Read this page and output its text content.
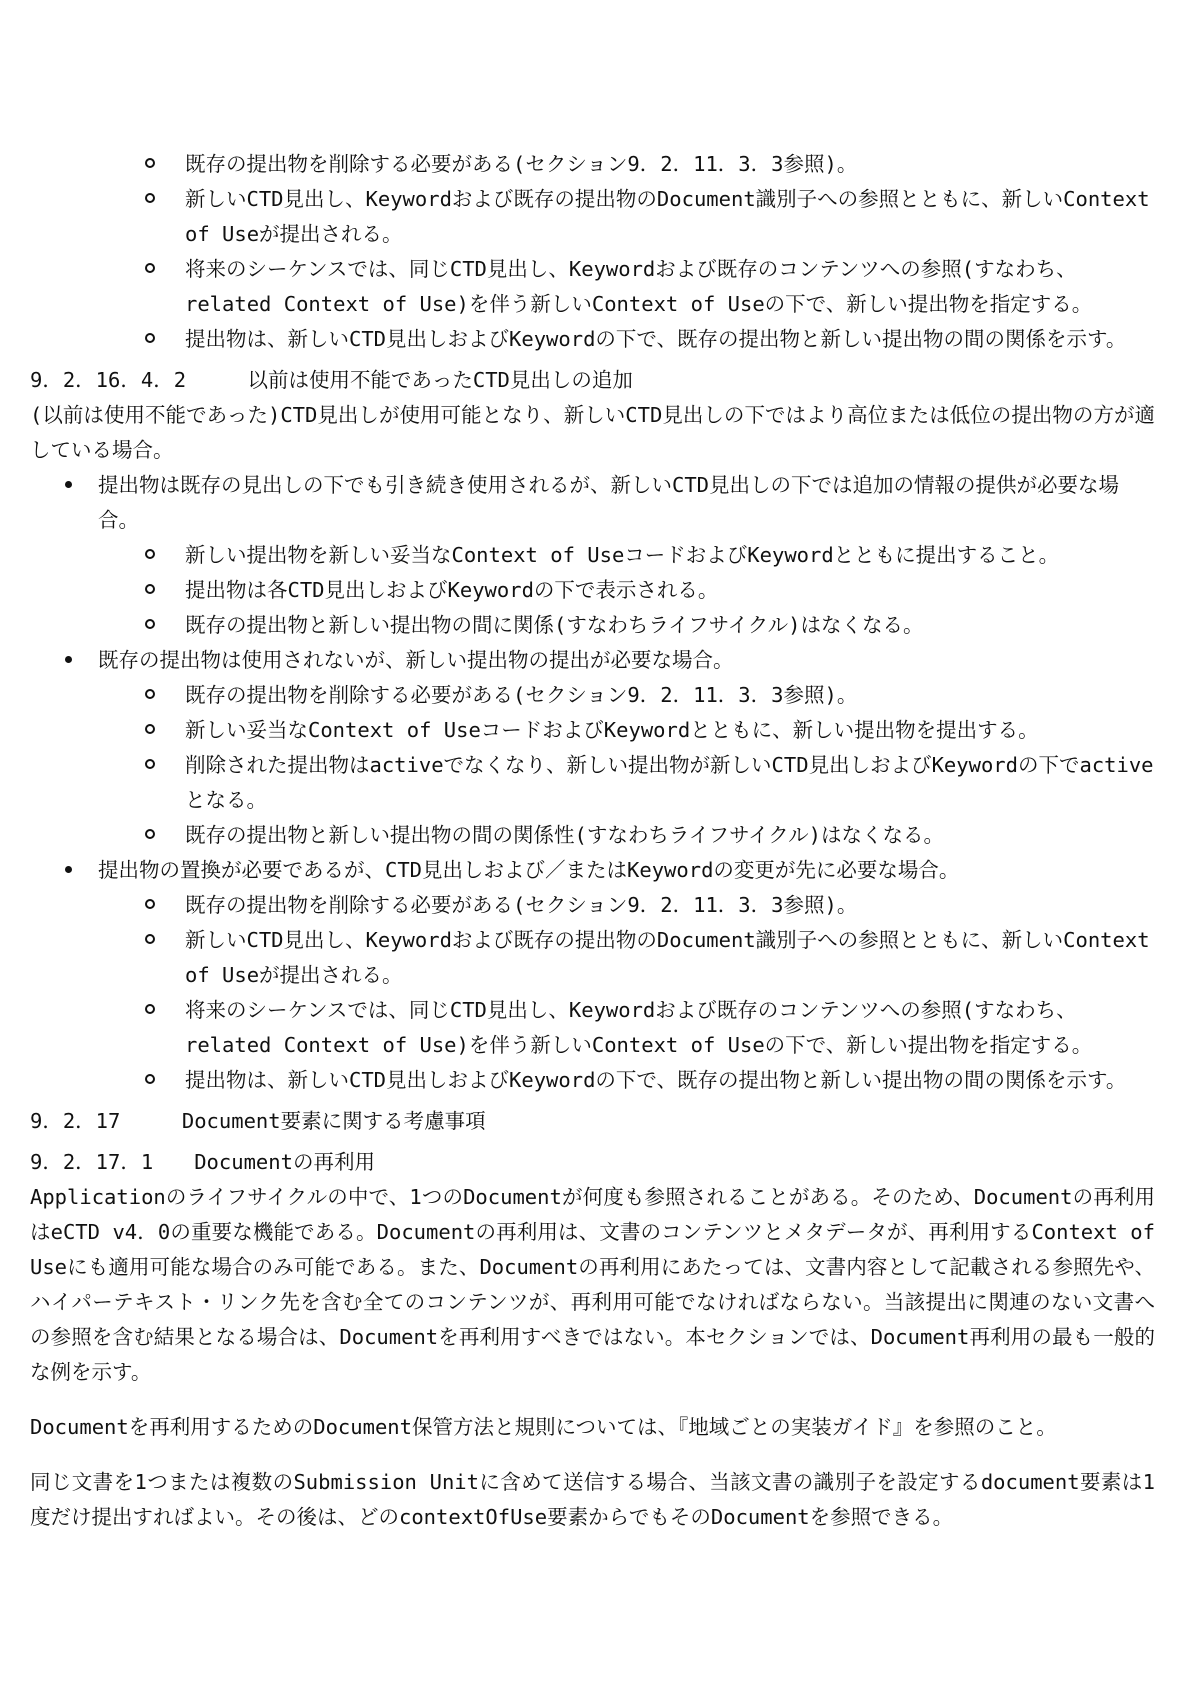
既存の提出物を削除する必要がある(セクション9．2．11．3．3参照)。
新しいCTD見出し、Keywordおよび既存の提出物のDocument識別子への参照とともに、新しいContext of Useが提出される。
将来のシーケンスでは、同じCTD見出し、Keywordおよび既存のコンテンツへの参照(すなわち、related Context of Use)を伴う新しいContext of Useの下で、新しい提出物を指定する。
提出物は、新しいCTD見出しおよびKeywordの下で、既存の提出物と新しい提出物の間の関係を示す。

9．2．16．4．2　　　以前は使用不能であったCTD見出しの追加

(以前は使用不能であった)CTD見出しが使用可能となり、新しいCTD見出しの下ではより高位または低位の提出物の方が適している場合。

提出物は既存の見出しの下でも引き続き使用されるが、新しいCTD見出しの下では追加の情報の提供が必要な場合。
新しい提出物を新しい妥当なContext of UseコードおよびKeywordとともに提出すること。
提出物は各CTD見出しおよびKeywordの下で表示される。
既存の提出物と新しい提出物の間に関係(すなわちライフサイクル)はなくなる。
既存の提出物は使用されないが、新しい提出物の提出が必要な場合。
既存の提出物を削除する必要がある(セクション9．2．11．3．3参照)。
新しい妥当なContext of UseコードおよびKeywordとともに、新しい提出物を提出する。
削除された提出物はactiveでなくなり、新しい提出物が新しいCTD見出しおよびKeywordの下でactiveとなる。
既存の提出物と新しい提出物の間の関係性(すなわちライフサイクル)はなくなる。
提出物の置換が必要であるが、CTD見出しおよび／またはKeywordの変更が先に必要な場合。
既存の提出物を削除する必要がある(セクション9．2．11．3．3参照)。
新しいCTD見出し、Keywordおよび既存の提出物のDocument識別子への参照とともに、新しいContext of Useが提出される。
将来のシーケンスでは、同じCTD見出し、Keywordおよび既存のコンテンツへの参照(すなわち、related Context of Use)を伴う新しいContext of Useの下で、新しい提出物を指定する。
提出物は、新しいCTD見出しおよびKeywordの下で、既存の提出物と新しい提出物の間の関係を示す。

9．2．17　　　Document要素に関する考慮事項

9．2．17．1　　Documentの再利用

Applicationのライフサイクルの中で、1つのDocumentが何度も参照されることがある。そのため、Documentの再利用はeCTD v4．0の重要な機能である。Documentの再利用は、文書のコンテンツとメタデータが、再利用するContext of Useにも適用可能な場合のみ可能である。また、Documentの再利用にあたっては、文書内容として記載される参照先や、ハイパーテキスト・リンク先を含む全てのコンテンツが、再利用可能でなければならない。当該提出に関連のない文書への参照を含む結果となる場合は、Documentを再利用すべきではない。本セクションでは、Document再利用の最も一般的な例を示す。

Documentを再利用するためのDocument保管方法と規則については、『地域ごとの実装ガイド』を参照のこと。

同じ文書を1つまたは複数のSubmission Unitに含めて送信する場合、当該文書の識別子を設定するdocument要素は1度だけ提出すればよい。その後は、どのcontextOfUse要素からでもそのDocumentを参照できる。
